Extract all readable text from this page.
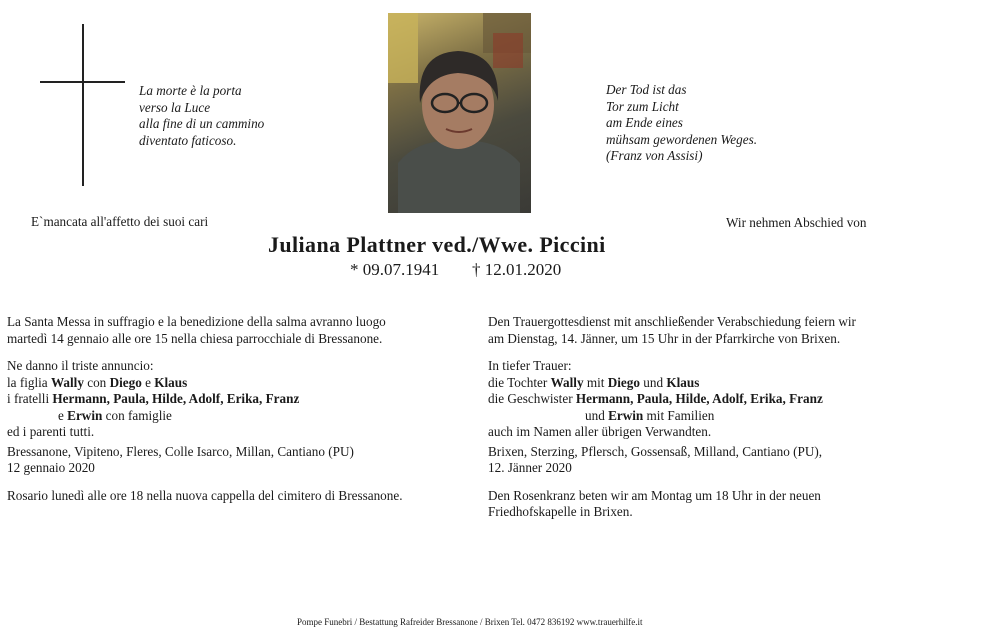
La morte è la porta
verso la Luce
alla fine di un cammino
diventato faticoso.
Der Tod ist das
Tor zum Licht
am Ende eines
mühsam gewordenen Weges.
(Franz von Assisi)
E`mancata all'affetto dei suoi cari	Wir nehmen Abschied von
Juliana Plattner ved./Wwe. Piccini
* 09.07.1941 † 12.01.2020
La Santa Messa in suffragio e la benedizione della salma avranno luogo
martedì 14 gennaio alle ore 15 nella chiesa parrocchiale di Bressanone.
Ne danno il triste annuncio:
la figlia Wally con Diego e Klaus
i fratelli Hermann, Paula, Hilde, Adolf, Erika, Franz
e Erwin con famiglie
ed i parenti tutti.
Bressanone, Vipiteno, Fleres, Colle Isarco, Millan, Cantiano (PU)
12 gennaio 2020
Rosario lunedì alle ore 18 nella nuova cappella del cimitero di Bressanone.
Den Trauergottesdienst mit anschließender Verabschiedung feiern wir
am Dienstag, 14. Jänner, um 15 Uhr in der Pfarrkirche von Brixen.
In tiefer Trauer:
die Tochter Wally mit Diego und Klaus
die Geschwister Hermann, Paula, Hilde, Adolf, Erika, Franz
und Erwin mit Familien
auch im Namen aller übrigen Verwandten.
Brixen, Sterzing, Pflersch, Gossensaß, Milland, Cantiano (PU),
12. Jänner 2020
Den Rosenkranz beten wir am Montag um 18 Uhr in der neuen
Friedhofskapelle in Brixen.
Pompe Funebri / Bestattung Rafreider Bressanone / Brixen Tel. 0472 836192 www.trauerhilfe.it
